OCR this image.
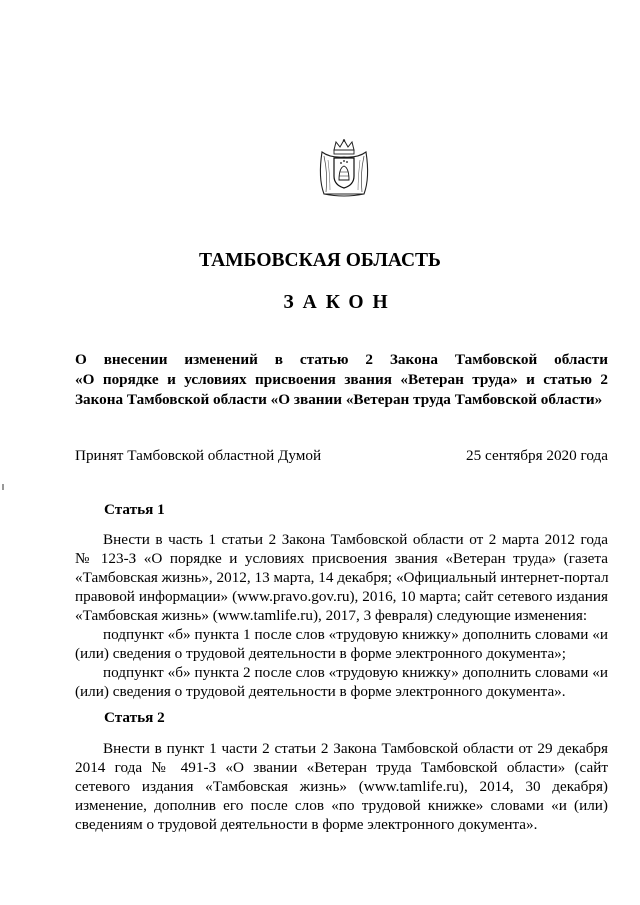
ТАМБОВСКАЯ ОБЛАСТЬ
ЗАКОН
О внесении изменений в статью 2 Закона Тамбовской области
«О порядке и условиях присвоения звания «Ветеран труда» и статью 2
Закона Тамбовской области «О звании «Ветеран труда Тамбовской области»
Принят Тамбовской областной Думой	25 сентября 2020 года
Статья 1
Внести в часть 1 статьи 2 Закона Тамбовской области от 2 марта 2012 года
№ 123-З «О порядке и условиях присвоения звания «Ветеран труда» (газета
«Тамбовская жизнь», 2012, 13 марта, 14 декабря; «Официальный интернет-портал
правовой информации» (www.pravo.gov.ru), 2016, 10 марта; сайт сетевого издания
«Тамбовская жизнь» (www.tamlife.ru), 2017, 3 февраля) следующие изменения:
подпункт «б» пункта 1 после слов «трудовую книжку» дополнить словами «и
(или) сведения о трудовой деятельности в форме электронного документа»;
подпункт «б» пункта 2 после слов «трудовую книжку» дополнить словами «и
(или) сведения о трудовой деятельности в форме электронного документа».
Статья 2
Внести в пункт 1 части 2 статьи 2 Закона Тамбовской области от 29 декабря
2014 года № 491-З «О звании «Ветеран труда Тамбовской области» (сайт
сетевого издания «Тамбовская жизнь» (www.tamlife.ru), 2014, 30 декабря)
изменение, дополнив его после слов «по трудовой книжке» словами «и (или)
сведениям о трудовой деятельности в форме электронного документа».
